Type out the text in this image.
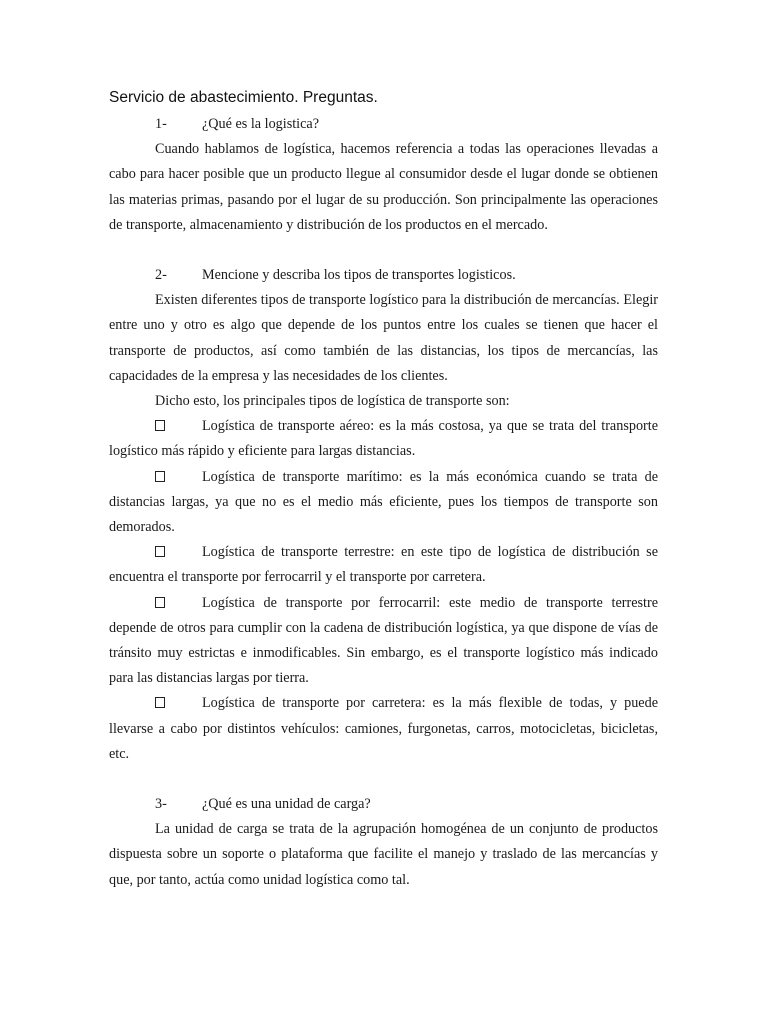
Servicio de abastecimiento. Preguntas.
1- ¿Qué es la logistica?

Cuando hablamos de logística, hacemos referencia a todas las operaciones llevadas a cabo para hacer posible que un producto llegue al consumidor desde el lugar donde se obtienen las materias primas, pasando por el lugar de su producción. Son principalmente las operaciones de transporte, almacenamiento y distribución de los productos en el mercado.

2- Mencione y describa los tipos de transportes logisticos.

Existen diferentes tipos de transporte logístico para la distribución de mercancías. Elegir entre uno y otro es algo que depende de los puntos entre los cuales se tienen que hacer el transporte de productos, así como también de las distancias, los tipos de mercancías, las capacidades de la empresa y las necesidades de los clientes.

Dicho esto, los principales tipos de logística de transporte son:

Logística de transporte aéreo: es la más costosa, ya que se trata del transporte logístico más rápido y eficiente para largas distancias.

Logística de transporte marítimo: es la más económica cuando se trata de distancias largas, ya que no es el medio más eficiente, pues los tiempos de transporte son demorados.

Logística de transporte terrestre: en este tipo de logística de distribución se encuentra el transporte por ferrocarril y el transporte por carretera.

Logística de transporte por ferrocarril: este medio de transporte terrestre depende de otros para cumplir con la cadena de distribución logística, ya que dispone de vías de tránsito muy estrictas e inmodificables. Sin embargo, es el transporte logístico más indicado para las distancias largas por tierra.

Logística de transporte por carretera: es la más flexible de todas, y puede llevarse a cabo por distintos vehículos: camiones, furgonetas, carros, motocicletas, bicicletas, etc.

3- ¿Qué es una unidad de carga?

La unidad de carga se trata de la agrupación homogénea de un conjunto de productos dispuesta sobre un soporte o plataforma que facilite el manejo y traslado de las mercancías y que, por tanto, actúa como unidad logística como tal.
